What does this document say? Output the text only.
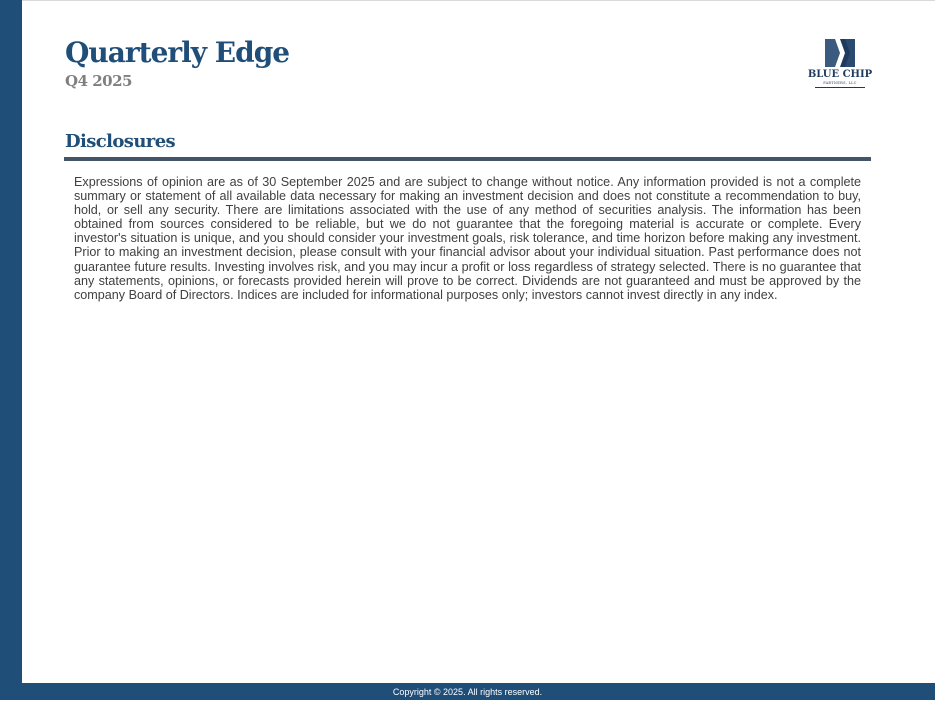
Quarterly Edge
Q4 2025	BLUE CHIP
PARTNERS, LLC
Disclosures

Expressions of opinion are as of 30 September 2025 and are subject to change without notice. Any information provided is not a complete summary or statement of all available data necessary for making an investment decision and does not constitute a recommendation to buy, hold, or sell any security. There are limitations associated with the use of any method of securities analysis. The information has been obtained from sources considered to be reliable, but we do not guarantee that the foregoing material is accurate or complete. Every investor's situation is unique, and you should consider your investment goals, risk tolerance, and time horizon before making any investment. Prior to making an investment decision, please consult with your financial advisor about your individual situation. Past performance does not guarantee future results. Investing involves risk, and you may incur a profit or loss regardless of strategy selected. There is no guarantee that any statements, opinions, or forecasts provided herein will prove to be correct. Dividends are not guaranteed and must be approved by the company Board of Directors. Indices are included for informational purposes only; investors cannot invest directly in any index.

Copyright © 2025. All rights reserved.
